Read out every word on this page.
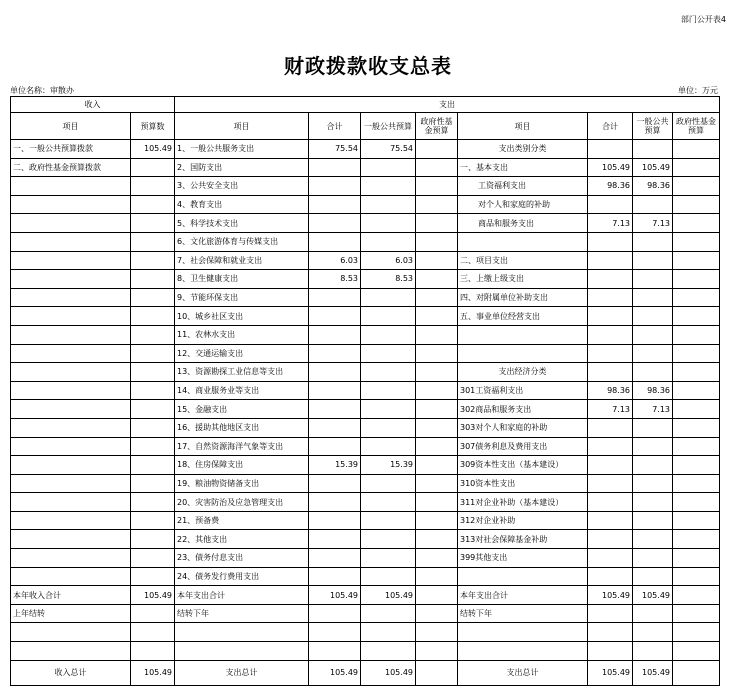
部门公开表4
财政拨款收支总表
单位名称：审散办	单位：万元
收入		支出							
项目	预算数	项目	合计	一般公共预算	政府性基金预算	项目	合计	一般公共预算	政府性基金预算
一、一般公共预算拨款	105.49	1、一般公共服务支出	75.54	75.54		支出类别分类			
二、政府性基金预算拨款		2、国防支出				一、基本支出	105.49	105.49	
		3、公共安全支出				工资福利支出	98.36	98.36	
		4、教育支出				对个人和家庭的补助			
		5、科学技术支出				商品和服务支出	7.13	7.13	
		6、文化旅游体育与传媒支出							
		7、社会保障和就业支出	6.03	6.03		二、项目支出			
		8、卫生健康支出	8.53	8.53		三、上缴上级支出			
		9、节能环保支出				四、对附属单位补助支出			
		10、城乡社区支出				五、事业单位经营支出			
		11、农林水支出							
		12、交通运输支出							
		13、资源勘探工业信息等支出				支出经济分类			
		14、商业服务业等支出				301工资福利支出	98.36	98.36	
		15、金融支出				302商品和服务支出	7.13	7.13	
		16、援助其他地区支出				303对个人和家庭的补助			
		17、自然资源海洋气象等支出				307债务利息及费用支出			
		18、住房保障支出	15.39	15.39		309资本性支出（基本建设）			
		19、粮油物资储备支出				310资本性支出			
		20、灾害防治及应急管理支出				311对企业补助（基本建设）			
		21、预备费				312对企业补助			
		22、其他支出				313对社会保障基金补助			
		23、债务付息支出				399其他支出			
		24、债务发行费用支出							
本年收入合计	105.49	本年支出合计	105.49	105.49		本年支出合计	105.49	105.49	
上年结转		结转下年				结转下年			

收入总计	105.49	支出总计	105.49	105.49		支出总计	105.49	105.49	
